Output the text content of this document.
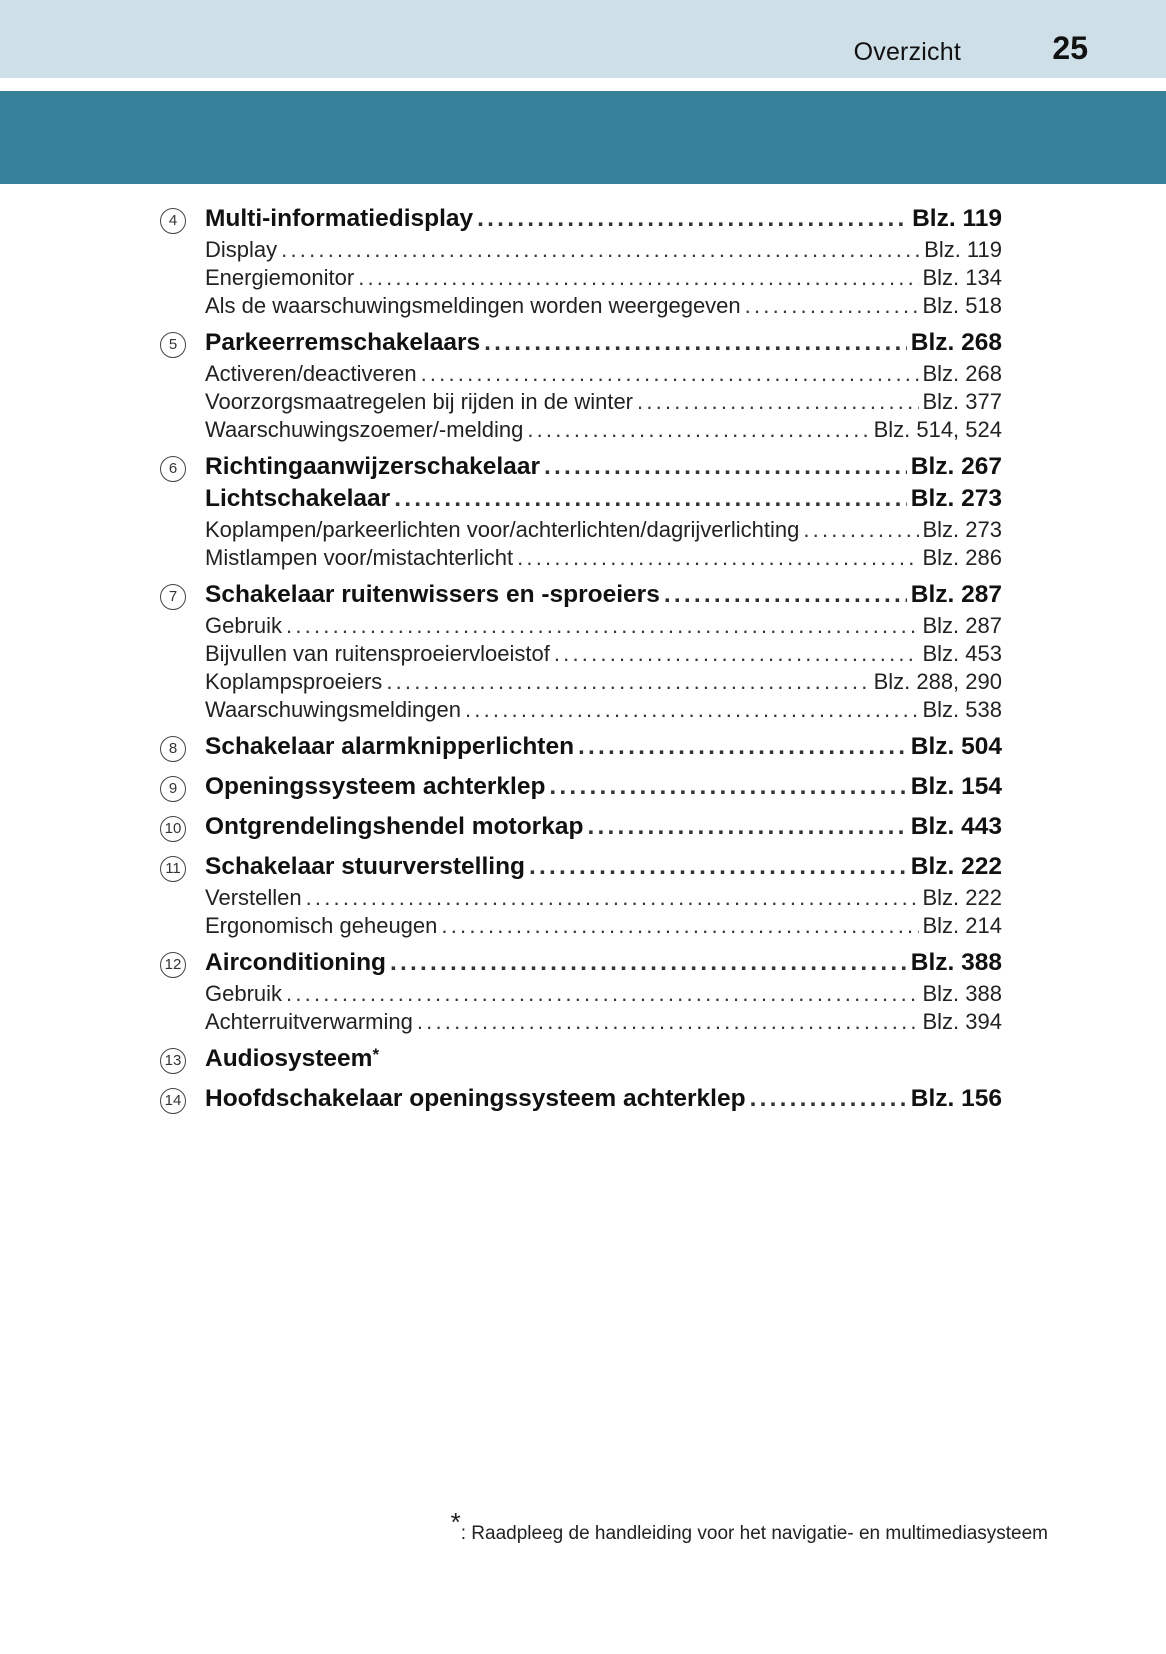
Overzicht	25
4	Multi-informatiedisplay .....	Blz. 119
Display .....	Blz. 119
Energiemonitor .....	Blz. 134
Als de waarschuwingsmeldingen worden weergegeven .....	Blz. 518
5	Parkeerremschakelaars .....	Blz. 268
Activeren/deactiveren .....	Blz. 268
Voorzorgsmaatregelen bij rijden in de winter .....	Blz. 377
Waarschuwingszoemer/-melding .....	Blz. 514, 524
6	Richtingaanwijzerschakelaar .....	Blz. 267
Lichtschakelaar .....	Blz. 273
Koplampen/parkeerlichten voor/achterlichten/dagrijverlichting .....	Blz. 273
Mistlampen voor/mistachterlicht .....	Blz. 286
7	Schakelaar ruitenwissers en -sproeiers .....	Blz. 287
Gebruik .....	Blz. 287
Bijvullen van ruitensproeiervloeistof .....	Blz. 453
Koplampsproeiers .....	Blz. 288, 290
Waarschuwingsmeldingen .....	Blz. 538
8	Schakelaar alarmknipperlichten .....	Blz. 504
9	Openingssysteem achterklep .....	Blz. 154
10 Ontgrendelingshendel motorkap .....	Blz. 443
11 Schakelaar stuurverstelling .....	Blz. 222
Verstellen .....	Blz. 222
Ergonomisch geheugen .....	Blz. 214
12 Airconditioning .....	Blz. 388
Gebruik .....	Blz. 388
Achterruitverwarming .....	Blz. 394
13 Audiosysteem *
14 Hoofdschakelaar openingssysteem achterklep .....	Blz. 156
*: Raadpleeg de handleiding voor het navigatie- en multimediasysteem
